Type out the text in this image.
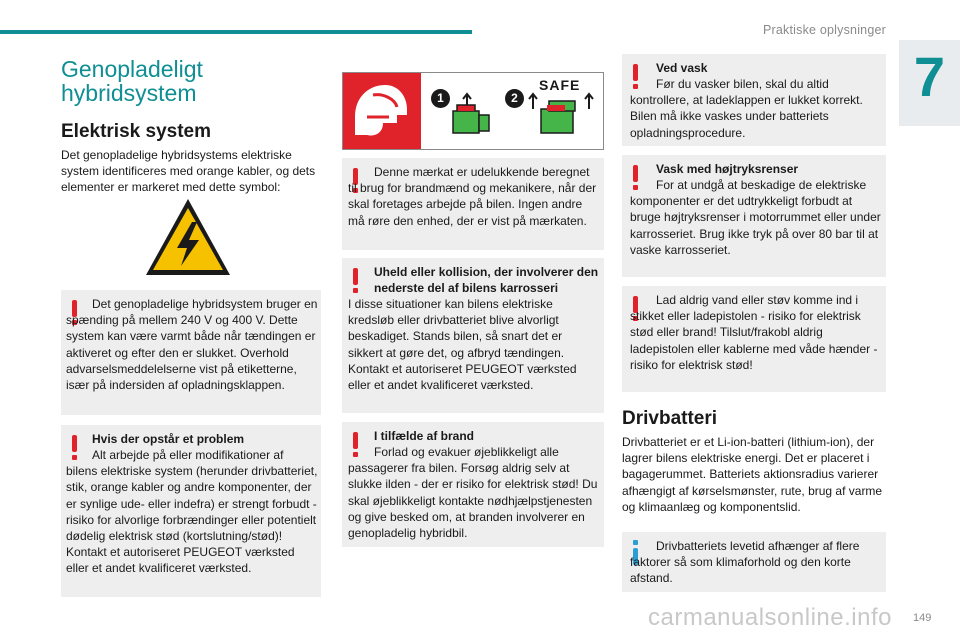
Praktiske oplysninger
7
Genopladeligt hybridsystem
Elektrisk system
Det genopladelige hybridsystems elektriske system identificeres med orange kabler, og dets elementer er markeret med dette symbol:

Det genopladelige hybridsystem bruger en spænding på mellem 240 V og 400 V. Dette system kan være varmt både når tændingen er aktiveret og efter den er slukket. Overhold advarselsmeddelelserne vist på etiketterne, især på indersiden af opladningsklappen.

Hvis der opstår et problem

Alt arbejde på eller modifikationer af bilens elektriske system (herunder drivbatteriet, stik, orange kabler og andre komponenter, der er synlige ude- eller indefra) er strengt forbudt - risiko for alvorlige forbrændinger eller potentielt dødelig elektrisk stød (kortslutning/stød)! Kontakt et autoriseret PEUGEOT værksted eller et andet kvalificeret værksted.

1	2
SAFE

Denne mærkat er udelukkende beregnet til brug for brandmænd og mekanikere, når der skal foretages arbejde på bilen. Ingen andre må røre den enhed, der er vist på mærkaten.

Uheld eller kollision, der involverer den nederste del af bilens karrosseri

I disse situationer kan bilens elektriske kredsløb eller drivbatteriet blive alvorligt beskadiget. Stands bilen, så snart det er sikkert at gøre det, og afbryd tændingen. Kontakt et autoriseret PEUGEOT værksted eller et andet kvalificeret værksted.

I tilfælde af brand

Forlad og evakuer øjeblikkeligt alle passagerer fra bilen. Forsøg aldrig selv at slukke ilden - der er risiko for elektrisk stød! Du skal øjeblikkeligt kontakte nødhjælpstjenesten og give besked om, at branden involverer en genopladelig hybridbil.

Ved vask

Før du vasker bilen, skal du altid kontrollere, at ladeklappen er lukket korrekt. Bilen må ikke vaskes under batteriets opladningsprocedure.

Vask med højtryksrenser

For at undgå at beskadige de elektriske komponenter er det udtrykkeligt forbudt at bruge højtryksrenser i motorrummet eller under karrosseriet. Brug ikke tryk på over 80 bar til at vaske karrosseriet.

Lad aldrig vand eller støv komme ind i stikket eller ladepistolen - risiko for elektrisk stød eller brand! Tilslut/frakobl aldrig ladepistolen eller kablerne med våde hænder - risiko for elektrisk stød!

Drivbatteri
Drivbatteriet er et Li-ion-batteri (lithium-ion), der lagrer bilens elektriske energi. Det er placeret i bagagerummet. Batteriets aktionsradius varierer afhængigt af kørselsmønster, rute, brug af varme og klimaanlæg og komponentslid.

Drivbatteriets levetid afhænger af flere faktorer så som klimaforhold og den korte afstand.

carmanualsonline.info 149
